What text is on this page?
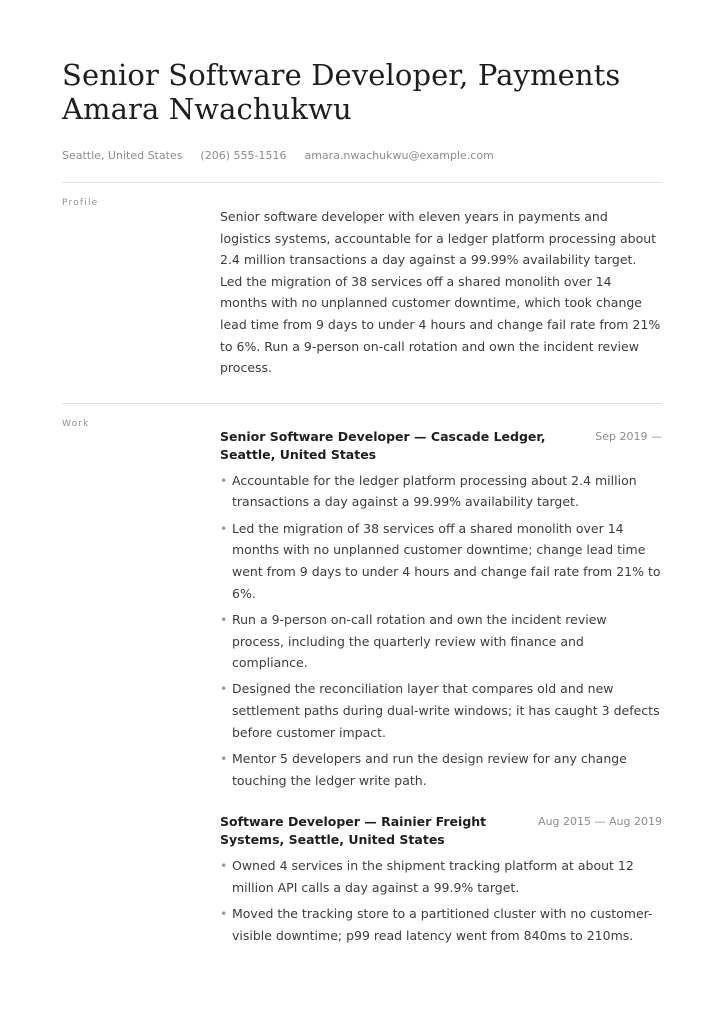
Senior Software Developer, Payments
Amara Nwachukwu
Seattle, United States (206) 555-1516 amara.nwachukwu@example.com
Profile
Senior software developer with eleven years in payments and logistics systems, accountable for a ledger platform processing about 2.4 million transactions a day against a 99.99% availability target. Led the migration of 38 services off a shared monolith over 14 months with no unplanned customer downtime, which took change lead time from 9 days to under 4 hours and change fail rate from 21% to 6%. Run a 9-person on-call rotation and own the incident review process.
Work
Senior Software Developer — Cascade Ledger, Seattle, United States
Sep 2019 —
• Accountable for the ledger platform processing about 2.4 million transactions a day against a 99.99% availability target.
• Led the migration of 38 services off a shared monolith over 14 months with no unplanned customer downtime; change lead time went from 9 days to under 4 hours and change fail rate from 21% to 6%.
• Run a 9-person on-call rotation and own the incident review process, including the quarterly review with finance and compliance.
• Designed the reconciliation layer that compares old and new settlement paths during dual-write windows; it has caught 3 defects before customer impact.
• Mentor 5 developers and run the design review for any change touching the ledger write path.
Software Developer — Rainier Freight Systems, Seattle, United States
Aug 2015 — Aug 2019
• Owned 4 services in the shipment tracking platform at about 12 million API calls a day against a 99.9% target.
• Moved the tracking store to a partitioned cluster with no customer-visible downtime; p99 read latency went from 840ms to 210ms.
